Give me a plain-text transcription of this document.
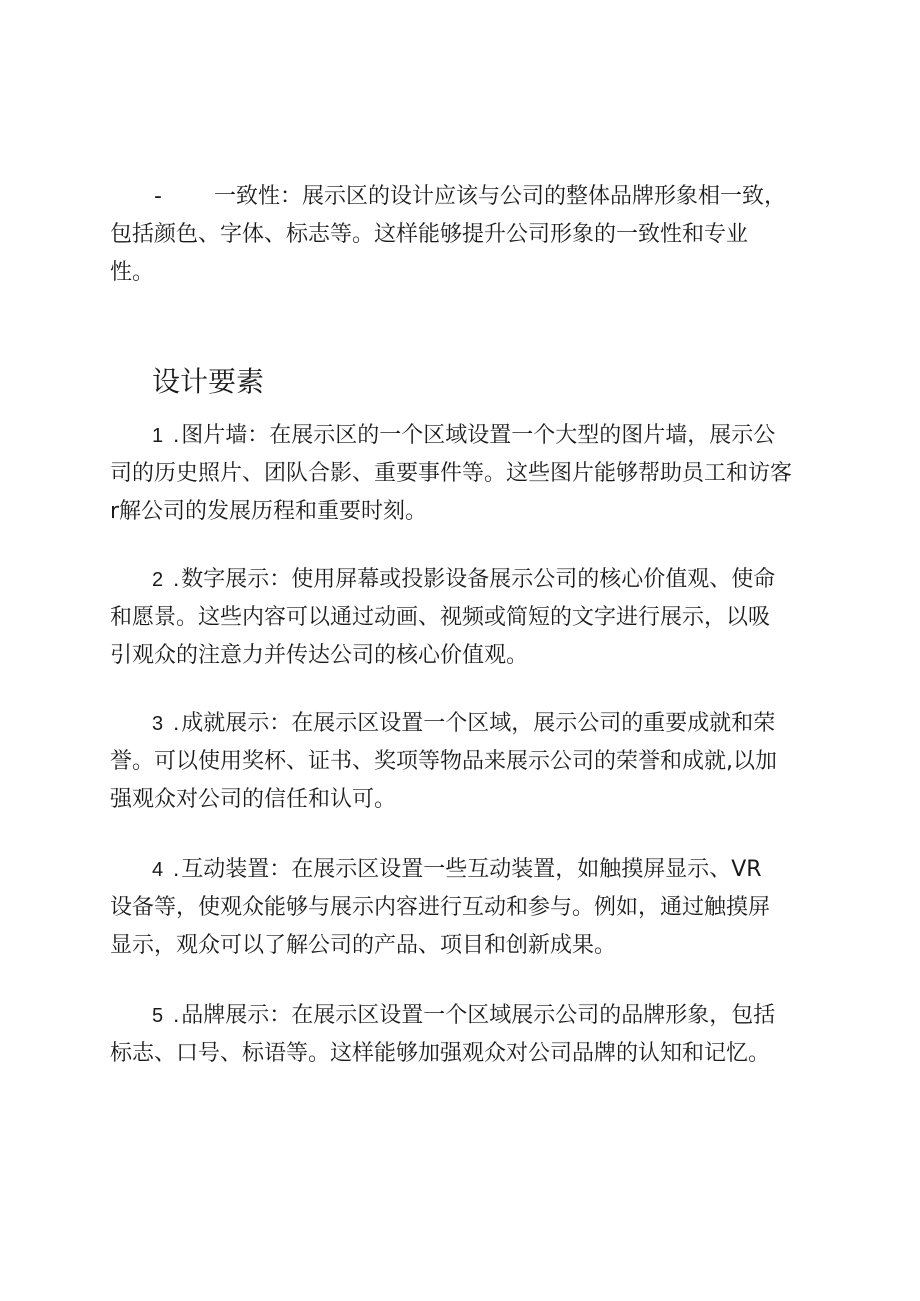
- 一致性：展示区的设计应该与公司的整体品牌形象相一致，
包括颜色、字体、标志等。这样能够提升公司形象的一致性和专业
性。
设计要素
1 .图片墙：在展示区的一个区域设置一个大型的图片墙，展示公
司的历史照片、团队合影、重要事件等。这些图片能够帮助员工和访客
r解公司的发展历程和重要时刻。
2 .数字展示：使用屏幕或投影设备展示公司的核心价值观、使命
和愿景。这些内容可以通过动画、视频或简短的文字进行展示，以吸
引观众的注意力并传达公司的核心价值观。
3 .成就展示：在展示区设置一个区域，展示公司的重要成就和荣
誉。可以使用奖杯、证书、奖项等物品来展示公司的荣誉和成就,以加
强观众对公司的信任和认可。
4 .互动装置：在展示区设置一些互动装置，如触摸屏显示、VR
设备等，使观众能够与展示内容进行互动和参与。例如，通过触摸屏
显示，观众可以了解公司的产品、项目和创新成果。
5 .品牌展示：在展示区设置一个区域展示公司的品牌形象，包括
标志、口号、标语等。这样能够加强观众对公司品牌的认知和记忆。
